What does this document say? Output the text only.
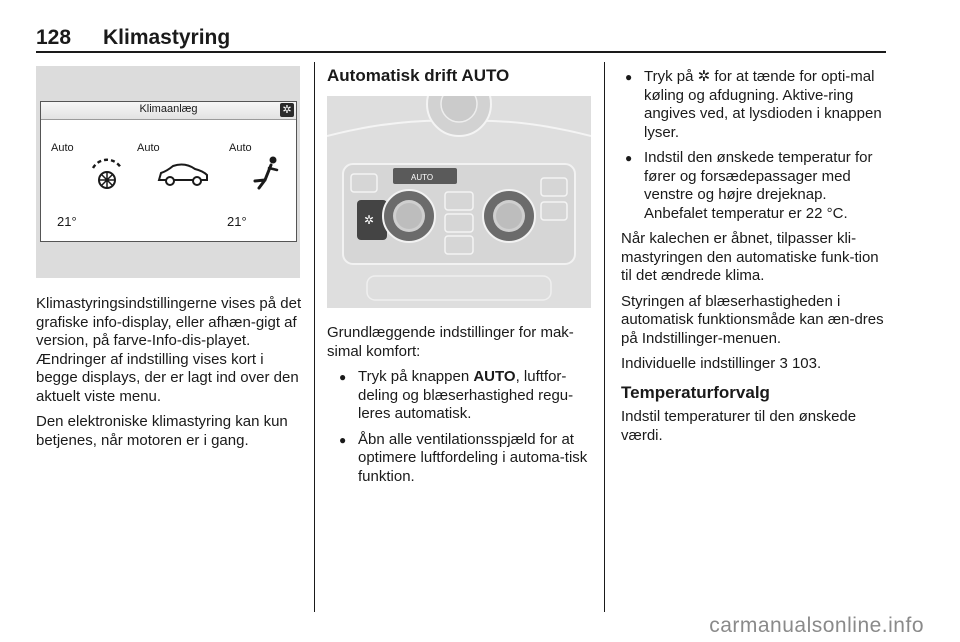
128 Klimastyring
Klimaanlæg	✲
Auto	Auto	Auto
21°	21°

Klimastyringsindstillingerne vises på det grafiske info-display, eller afhæn-gigt af version, på farve-Info-dis-playet. Ændringer af indstilling vises kort i begge displays, der er lagt ind over den aktuelt viste menu.

Den elektroniske klimastyring kan kun betjenes, når motoren er i gang.

Automatisk drift AUTO
AUTO
✲

Grundlæggende indstillinger for mak-simal komfort:

● Tryk på knappen AUTO, luftfor-deling og blæserhastighed regu-leres automatisk.
● Åbn alle ventilationsspjæld for at optimere luftfordeling i automa-tisk funktion.
● Tryk på ✲ for at tænde for opti-mal køling og afdugning. Aktive-ring angives ved, at lysdioden i knappen lyser.
● Indstil den ønskede temperatur for fører og forsædepassager med venstre og højre drejeknap. Anbefalet temperatur er 22 °C.

Når kalechen er åbnet, tilpasser kli-mastyringen den automatiske funk-tion til det ændrede klima.

Styringen af blæserhastigheden i automatisk funktionsmåde kan æn-dres på Indstillinger-menuen.

Individuelle indstillinger 3 103.

Temperaturforvalg

Indstil temperaturer til den ønskede værdi.

carmanualsonline.info
